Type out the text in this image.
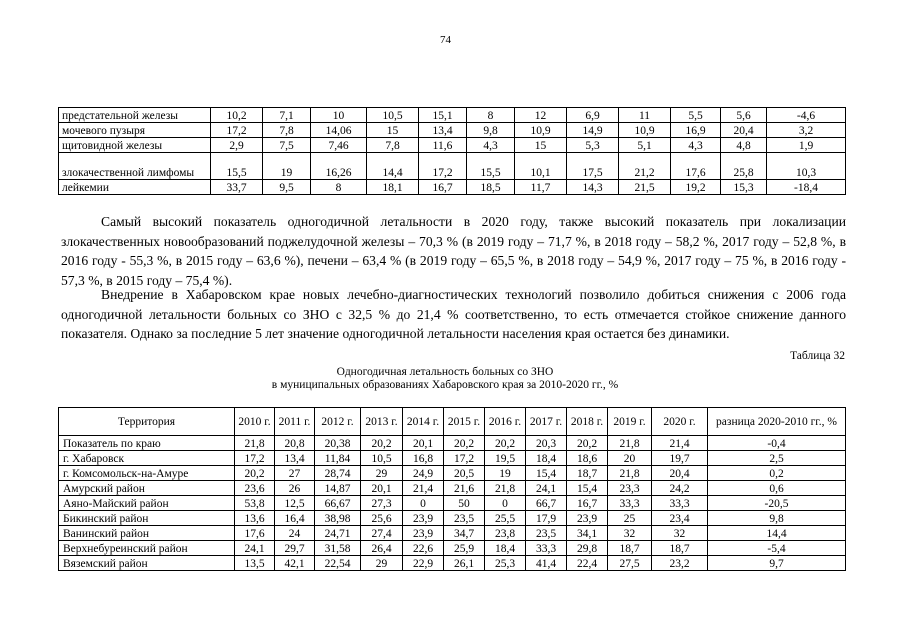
74
предстательной железы	10,2	7,1	10	10,5	15,1	8	12	6,9	11	5,5	5,6	-4,6
мочевого пузыря	17,2	7,8	14,06	15	13,4	9,8	10,9	14,9	10,9	16,9	20,4	3,2
щитовидной железы	2,9	7,5	7,46	7,8	11,6	4,3	15	5,3	5,1	4,3	4,8	1,9
злокачественной лимфомы	15,5	19	16,26	14,4	17,2	15,5	10,1	17,5	21,2	17,6	25,8	10,3
лейкемии	33,7	9,5	8	18,1	16,7	18,5	11,7	14,3	21,5	19,2	15,3	-18,4

Самый высокий показатель одногодичной летальности в 2020 году, также высокий показатель при локализации злокачественных новообразований поджелудочной железы – 70,3 % (в 2019 году – 71,7 %, в 2018 году – 58,2 %, 2017 году – 52,8 %, в 2016 году - 55,3 %, в 2015 году – 63,6 %), печени – 63,4 % (в 2019 году – 65,5 %, в 2018 году – 54,9 %, 2017 году – 75 %, в 2016 году - 57,3 %, в 2015 году – 75,4 %).

Внедрение в Хабаровском крае новых лечебно-диагностических технологий позволило добиться снижения с 2006 года одногодичной летальности больных со ЗНО с 32,5 % до 21,4 % соответственно, то есть отмечается стойкое снижение данного показателя. Однако за последние 5 лет значение одногодичной летальности населения края остается без динамики.

Таблица 32
Одногодичная летальность больных со ЗНО
в муниципальных образованиях Хабаровского края за 2010-2020 гг., %
Территория	2010 г.	2011 г.	2012 г.	2013 г.	2014 г.	2015 г.	2016 г.	2017 г.	2018 г.	2019 г.	2020 г.	разница 2020-2010 гг., %
Показатель по краю	21,8	20,8	20,38	20,2	20,1	20,2	20,2	20,3	20,2	21,8	21,4	-0,4
г. Хабаровск	17,2	13,4	11,84	10,5	16,8	17,2	19,5	18,4	18,6	20	19,7	2,5
г. Комсомольск-на-Амуре	20,2	27	28,74	29	24,9	20,5	19	15,4	18,7	21,8	20,4	0,2
Амурский район	23,6	26	14,87	20,1	21,4	21,6	21,8	24,1	15,4	23,3	24,2	0,6
Аяно-Майский район	53,8	12,5	66,67	27,3	0	50	0	66,7	16,7	33,3	33,3	-20,5
Бикинский район	13,6	16,4	38,98	25,6	23,9	23,5	25,5	17,9	23,9	25	23,4	9,8
Ванинский район	17,6	24	24,71	27,4	23,9	34,7	23,8	23,5	34,1	32	32	14,4
Верхнебуреинский район	24,1	29,7	31,58	26,4	22,6	25,9	18,4	33,3	29,8	18,7	18,7	-5,4
Вяземский район	13,5	42,1	22,54	29	22,9	26,1	25,3	41,4	22,4	27,5	23,2	9,7
